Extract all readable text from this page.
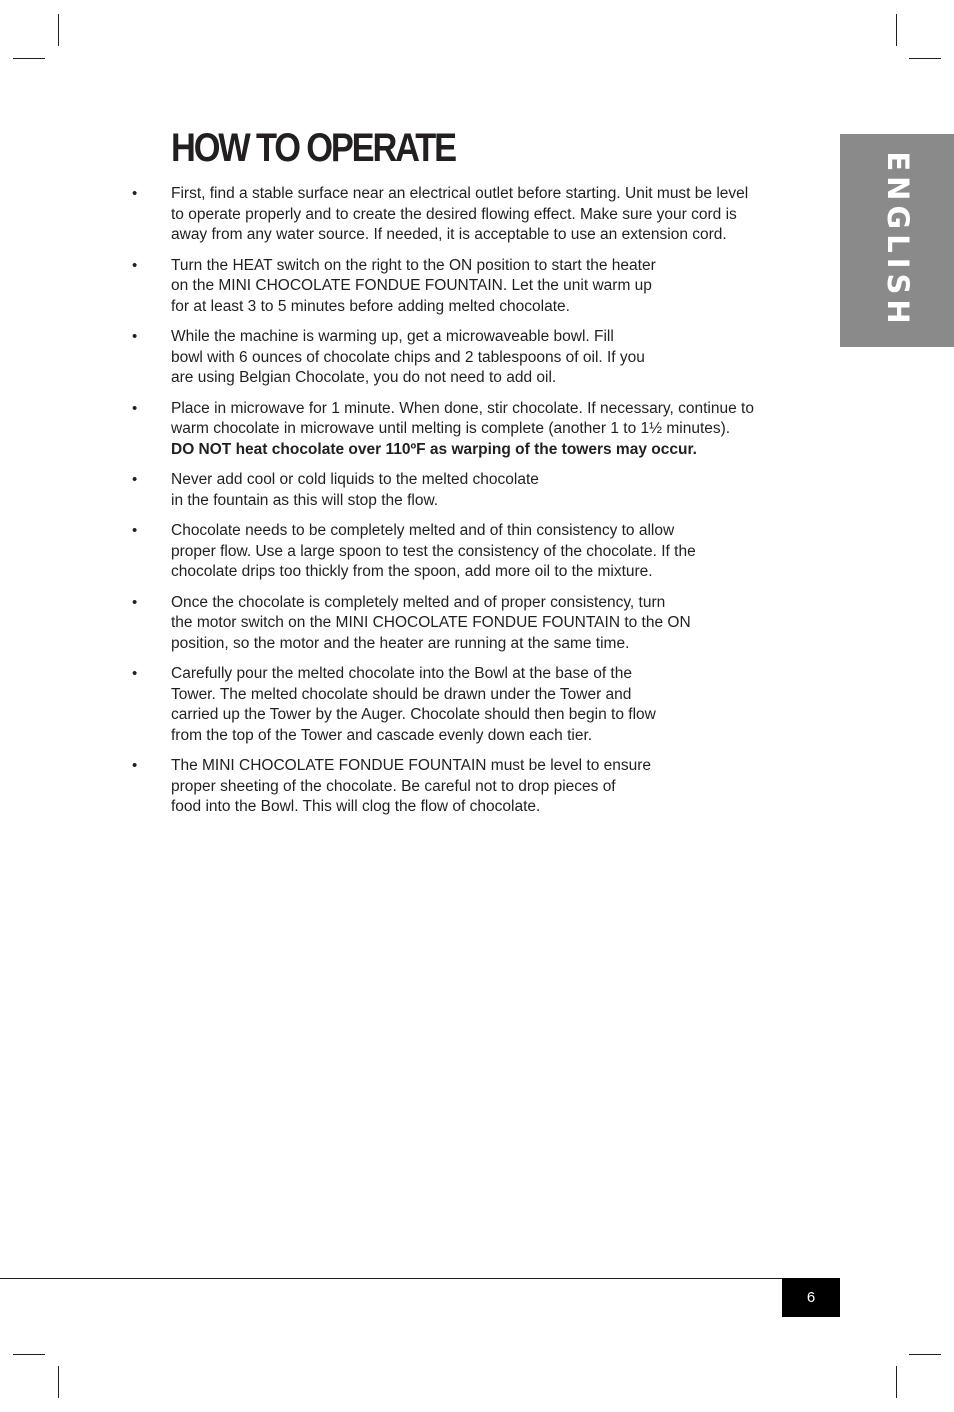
ENGLISH
HOW TO OPERATE
• First, find a stable surface near an electrical outlet before starting. Unit must be level
to operate properly and to create the desired flowing effect. Make sure your cord is
away from any water source. If needed, it is acceptable to use an extension cord.
• Turn the HEAT switch on the right to the ON position to start the heater
on the MINI CHOCOLATE FONDUE FOUNTAIN. Let the unit warm up
for at least 3 to 5 minutes before adding melted chocolate.
• While the machine is warming up, get a microwaveable bowl. Fill
bowl with 6 ounces of chocolate chips and 2 tablespoons of oil. If you
are using Belgian Chocolate, you do not need to add oil.
• Place in microwave for 1 minute. When done, stir chocolate. If necessary, continue to
warm chocolate in microwave until melting is complete (another 1 to 1½ minutes).
DO NOT heat chocolate over 110ºF as warping of the towers may occur.
• Never add cool or cold liquids to the melted chocolate
in the fountain as this will stop the flow.
• Chocolate needs to be completely melted and of thin consistency to allow
proper flow. Use a large spoon to test the consistency of the chocolate. If the
chocolate drips too thickly from the spoon, add more oil to the mixture.
• Once the chocolate is completely melted and of proper consistency, turn
the motor switch on the MINI CHOCOLATE FONDUE FOUNTAIN to the ON
position, so the motor and the heater are running at the same time.
• Carefully pour the melted chocolate into the Bowl at the base of the
Tower. The melted chocolate should be drawn under the Tower and
carried up the Tower by the Auger. Chocolate should then begin to flow
from the top of the Tower and cascade evenly down each tier.
• The MINI CHOCOLATE FONDUE FOUNTAIN must be level to ensure
proper sheeting of the chocolate. Be careful not to drop pieces of
food into the Bowl. This will clog the flow of chocolate.
6
